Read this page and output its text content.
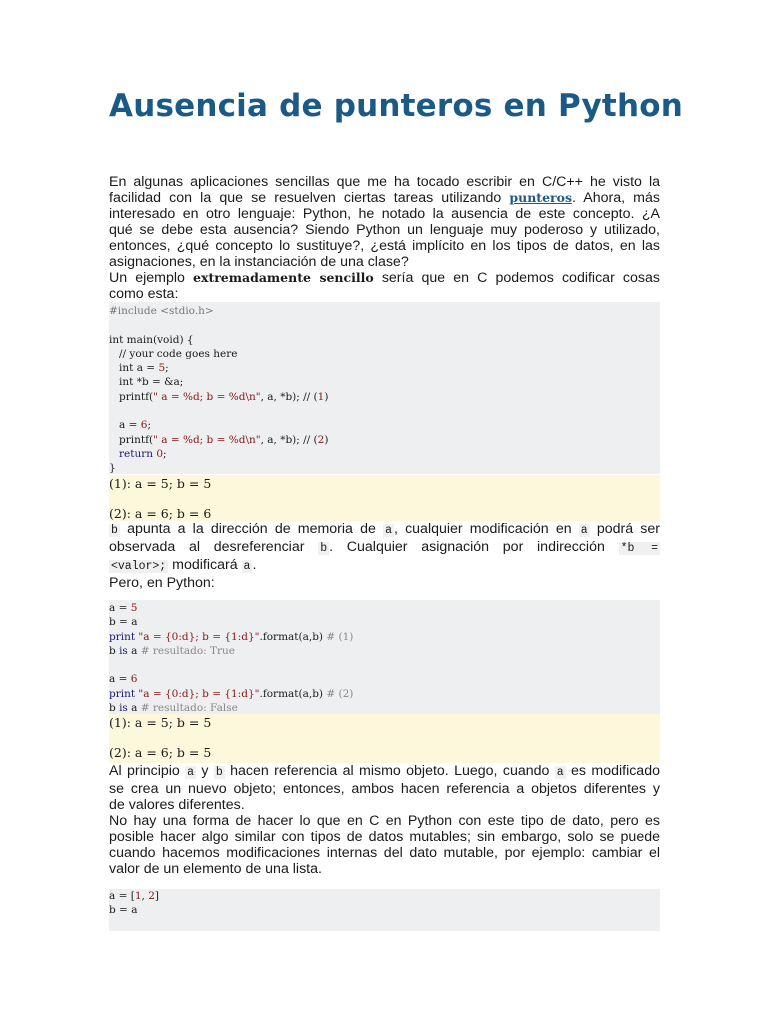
Ausencia de punteros en Python
En algunas aplicaciones sencillas que me ha tocado escribir en C/C++ he visto la
facilidad con la que se resuelven ciertas tareas utilizando punteros. Ahora, más
interesado en otro lenguaje: Python, he notado la ausencia de este concepto. ¿A
qué se debe esta ausencia? Siendo Python un lenguaje muy poderoso y utilizado,
entonces, ¿qué concepto lo sustituye?, ¿está implícito en los tipos de datos, en las
asignaciones, en la instanciación de una clase?
Un ejemplo extremadamente sencillo sería que en C podemos codificar cosas
como esta:
#include <stdio.h>
int main(void) {
// your code goes here
int a = 5;
int *b = &a;
printf(" a = %d; b = %d\n", a, *b); // (1)
a = 6;
printf(" a = %d; b = %d\n", a, *b); // (2)
return 0;
}
(1): a = 5; b = 5
(2): a = 6; b = 6
b apunta a la dirección de memoria de a , cualquier modificación en a podrá ser
observada al desreferenciar b . Cualquier asignación por indirección *b =
<valor>; modificará a .
Pero, en Python:
a = 5
b = a
print "a = {0:d}; b = {1:d}".format(a,b) # (1)
b is a # resultado: True
a = 6
print "a = {0:d}; b = {1:d}".format(a,b) # (2)
b is a # resultado: False
(1): a = 5; b = 5
(2): a = 6; b = 5
Al principio a y b hacen referencia al mismo objeto. Luego, cuando a es modificado
se crea un nuevo objeto; entonces, ambos hacen referencia a objetos diferentes y
de valores diferentes.
No hay una forma de hacer lo que en C en Python con este tipo de dato, pero es
posible hacer algo similar con tipos de datos mutables; sin embargo, solo se puede
cuando hacemos modificaciones internas del dato mutable, por ejemplo: cambiar el
valor de un elemento de una lista.
a = [1, 2]
b = a
